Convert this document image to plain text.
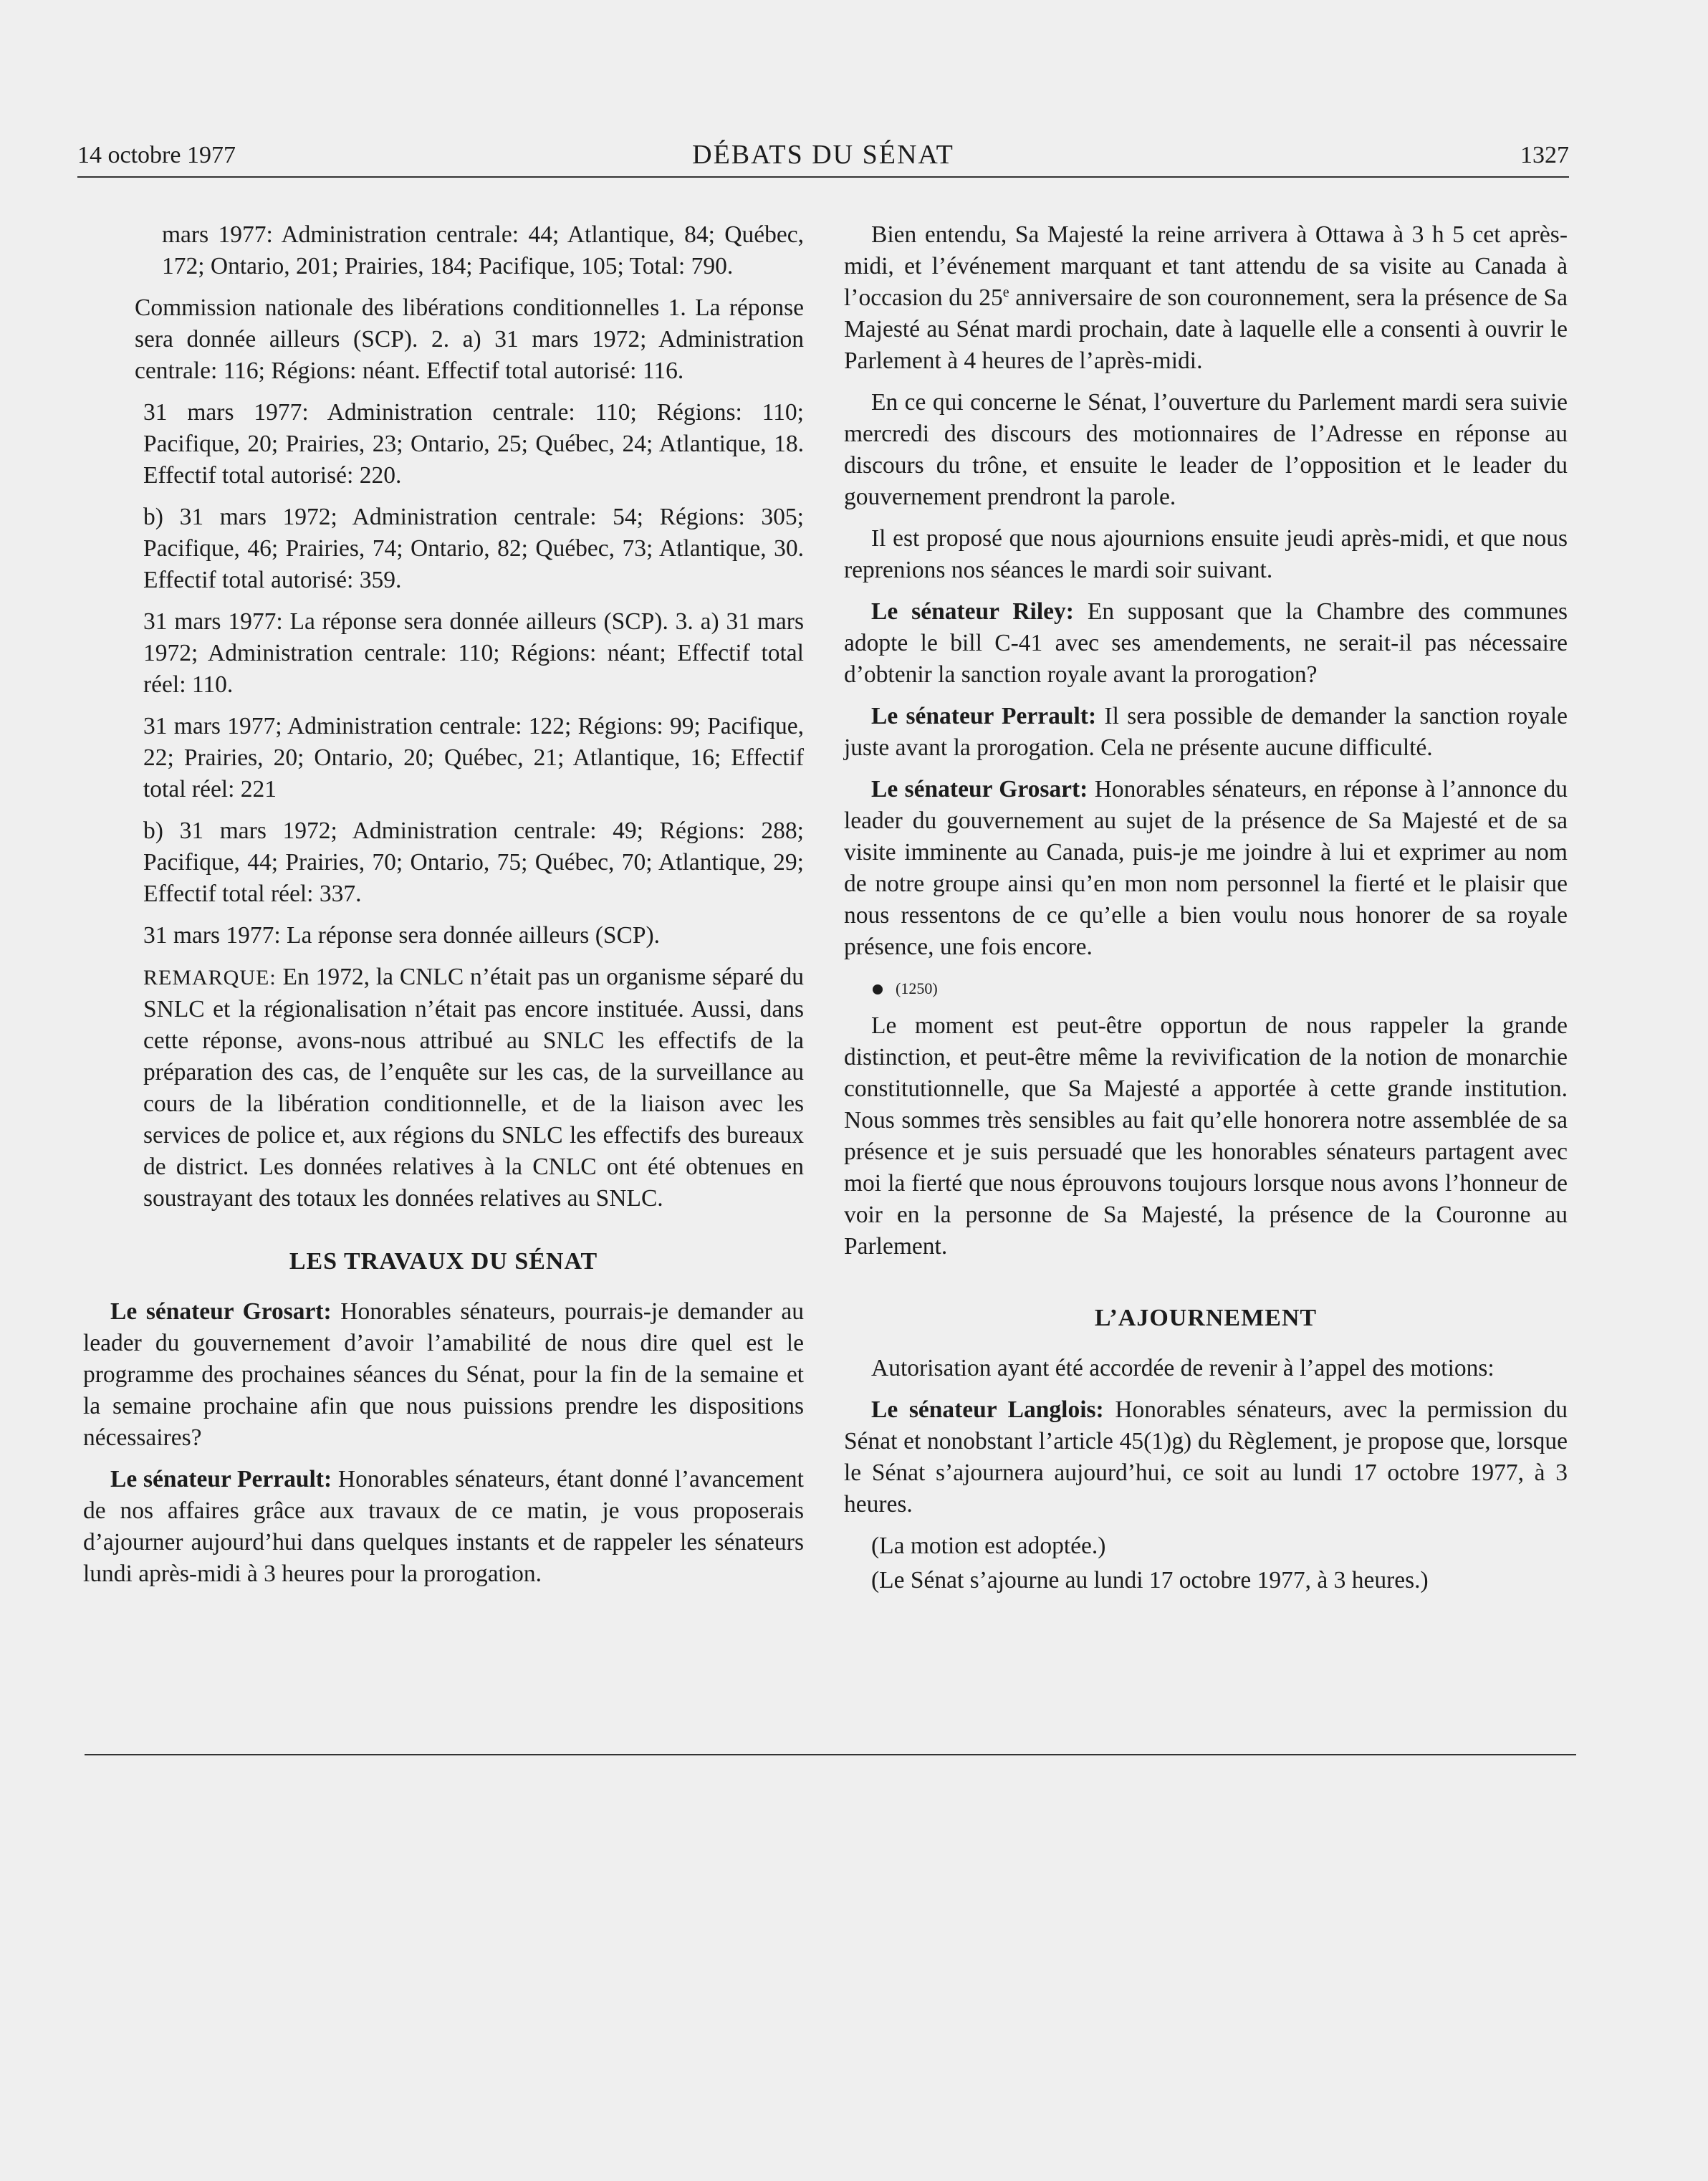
14 octobre 1977	DÉBATS DU SÉNAT	1327

mars 1977: Administration centrale: 44; Atlantique, 84; Québec, 172; Ontario, 201; Prairies, 184; Pacifique, 105; Total: 790.

Commission nationale des libérations conditionnelles 1. La réponse sera donnée ailleurs (SCP). 2. a) 31 mars 1972; Administration centrale: 116; Régions: néant. Effectif total autorisé: 116.

31 mars 1977: Administration centrale: 110; Régions: 110; Pacifique, 20; Prairies, 23; Ontario, 25; Québec, 24; Atlantique, 18. Effectif total autorisé: 220.

b) 31 mars 1972; Administration centrale: 54; Régions: 305; Pacifique, 46; Prairies, 74; Ontario, 82; Québec, 73; Atlantique, 30. Effectif total autorisé: 359.

31 mars 1977: La réponse sera donnée ailleurs (SCP). 3. a) 31 mars 1972; Administration centrale: 110; Régions: néant; Effectif total réel: 110.

31 mars 1977; Administration centrale: 122; Régions: 99; Pacifique, 22; Prairies, 20; Ontario, 20; Québec, 21; Atlantique, 16; Effectif total réel: 221

b) 31 mars 1972; Administration centrale: 49; Régions: 288; Pacifique, 44; Prairies, 70; Ontario, 75; Québec, 70; Atlantique, 29; Effectif total réel: 337.

31 mars 1977: La réponse sera donnée ailleurs (SCP).

REMARQUE: En 1972, la CNLC n’était pas un organisme séparé du SNLC et la régionalisation n’était pas encore instituée. Aussi, dans cette réponse, avons-nous attribué au SNLC les effectifs de la préparation des cas, de l’enquête sur les cas, de la surveillance au cours de la libération conditionnelle, et de la liaison avec les services de police et, aux régions du SNLC les effectifs des bureaux de district. Les données relatives à la CNLC ont été obtenues en soustrayant des totaux les données relatives au SNLC.

LES TRAVAUX DU SÉNAT

Le sénateur Grosart: Honorables sénateurs, pourrais-je demander au leader du gouvernement d’avoir l’amabilité de nous dire quel est le programme des prochaines séances du Sénat, pour la fin de la semaine et la semaine prochaine afin que nous puissions prendre les dispositions nécessaires?

Le sénateur Perrault: Honorables sénateurs, étant donné l’avancement de nos affaires grâce aux travaux de ce matin, je vous proposerais d’ajourner aujourd’hui dans quelques instants et de rappeler les sénateurs lundi après-midi à 3 heures pour la prorogation.

Bien entendu, Sa Majesté la reine arrivera à Ottawa à 3 h 5 cet après-midi, et l’événement marquant et tant attendu de sa visite au Canada à l’occasion du 25e anniversaire de son couronnement, sera la présence de Sa Majesté au Sénat mardi prochain, date à laquelle elle a consenti à ouvrir le Parlement à 4 heures de l’après-midi.

En ce qui concerne le Sénat, l’ouverture du Parlement mardi sera suivie mercredi des discours des motionnaires de l’Adresse en réponse au discours du trône, et ensuite le leader de l’opposition et le leader du gouvernement prendront la parole.

Il est proposé que nous ajournions ensuite jeudi après-midi, et que nous reprenions nos séances le mardi soir suivant.

Le sénateur Riley: En supposant que la Chambre des communes adopte le bill C-41 avec ses amendements, ne serait-il pas nécessaire d’obtenir la sanction royale avant la prorogation?

Le sénateur Perrault: Il sera possible de demander la sanction royale juste avant la prorogation. Cela ne présente aucune difficulté.

Le sénateur Grosart: Honorables sénateurs, en réponse à l’annonce du leader du gouvernement au sujet de la présence de Sa Majesté et de sa visite imminente au Canada, puis-je me joindre à lui et exprimer au nom de notre groupe ainsi qu’en mon nom personnel la fierté et le plaisir que nous ressentons de ce qu’elle a bien voulu nous honorer de sa royale présence, une fois encore.

(1250)

Le moment est peut-être opportun de nous rappeler la grande distinction, et peut-être même la revivification de la notion de monarchie constitutionnelle, que Sa Majesté a apportée à cette grande institution. Nous sommes très sensibles au fait qu’elle honorera notre assemblée de sa présence et je suis persuadé que les honorables sénateurs partagent avec moi la fierté que nous éprouvons toujours lorsque nous avons l’honneur de voir en la personne de Sa Majesté, la présence de la Couronne au Parlement.

L’AJOURNEMENT

Autorisation ayant été accordée de revenir à l’appel des motions:

Le sénateur Langlois: Honorables sénateurs, avec la permission du Sénat et nonobstant l’article 45(1)g) du Règlement, je propose que, lorsque le Sénat s’ajournera aujourd’hui, ce soit au lundi 17 octobre 1977, à 3 heures.

(La motion est adoptée.)

(Le Sénat s’ajourne au lundi 17 octobre 1977, à 3 heures.)
